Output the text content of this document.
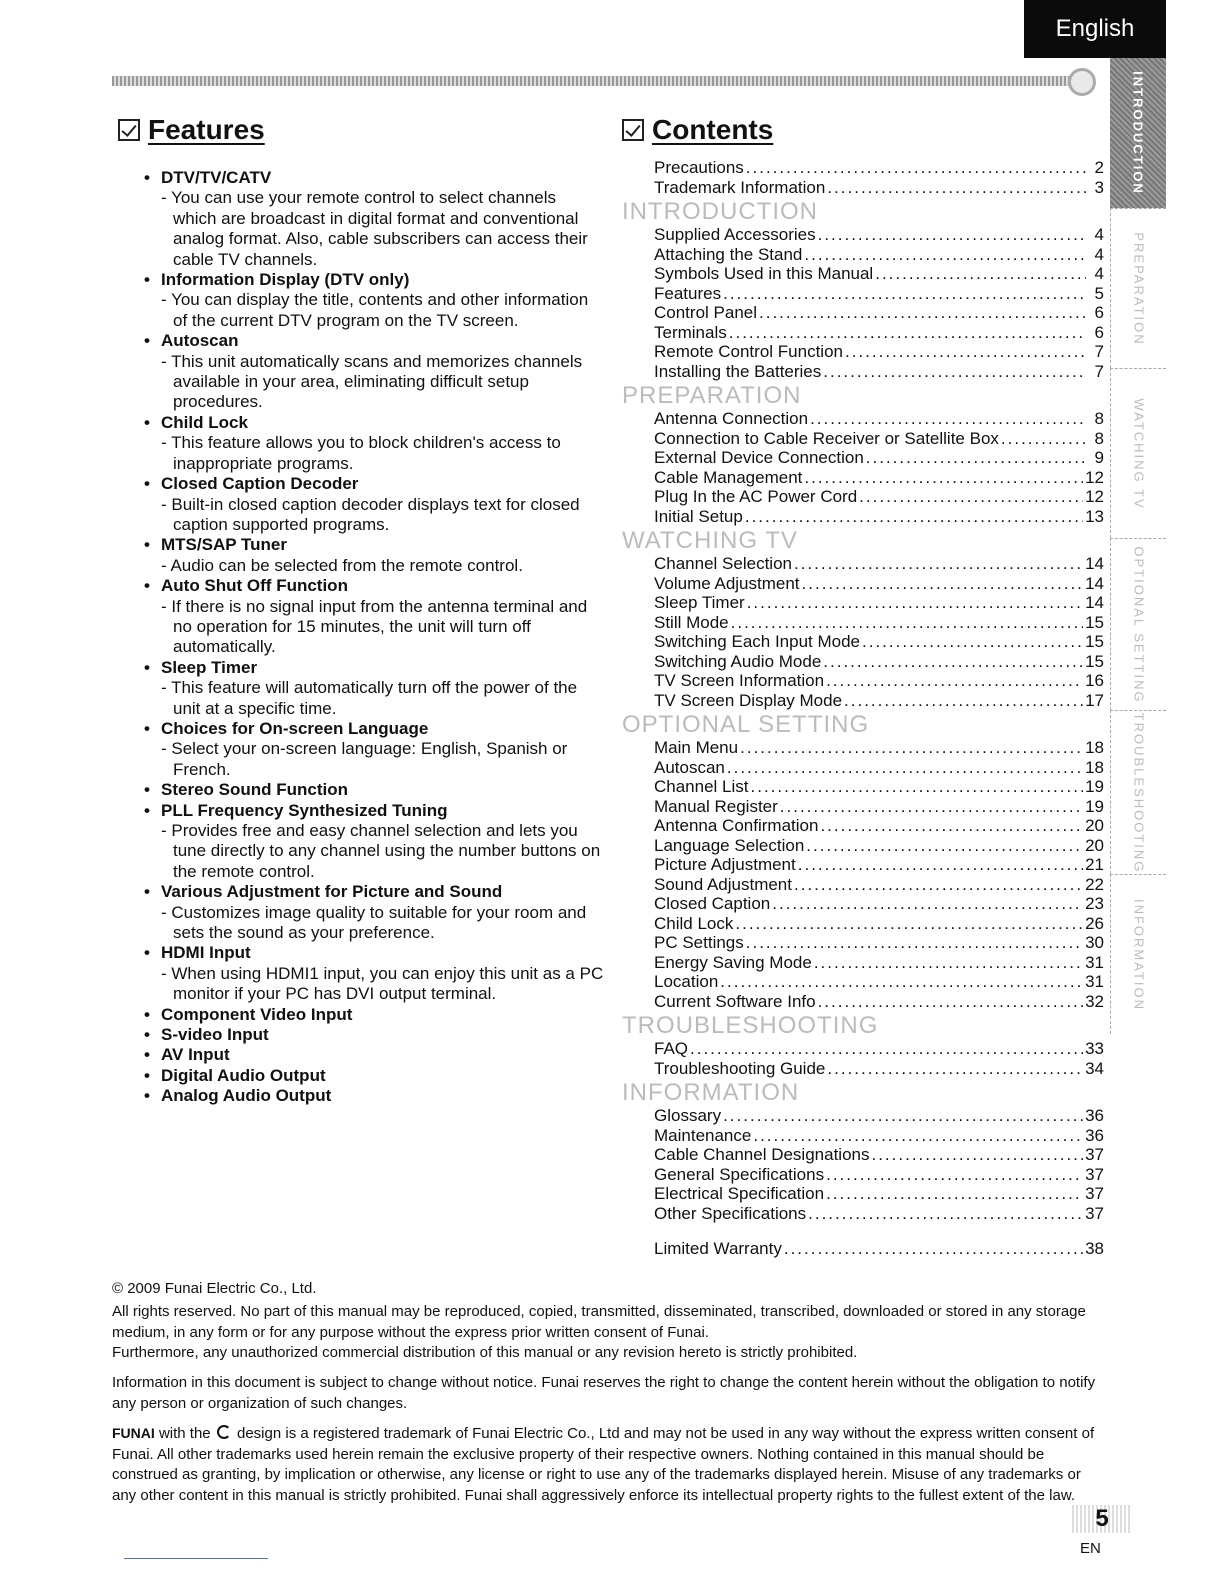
English
INTRODUCTION
PREPARATION
WATCHING TV
OPTIONAL SETTING
TROUBLESHOOTING
INFORMATION
Features
• DTV/TV/CATV
- You can use your remote control to select channels which are broadcast in digital format and conventional analog format. Also, cable subscribers can access their cable TV channels.
• Information Display (DTV only)
- You can display the title, contents and other information of the current DTV program on the TV screen.
• Autoscan
- This unit automatically scans and memorizes channels available in your area, eliminating difficult setup procedures.
• Child Lock
- This feature allows you to block children's access to inappropriate programs.
• Closed Caption Decoder
- Built-in closed caption decoder displays text for closed caption supported programs.
• MTS/SAP Tuner
- Audio can be selected from the remote control.
• Auto Shut Off Function
- If there is no signal input from the antenna terminal and no operation for 15 minutes, the unit will turn off automatically.
• Sleep Timer
- This feature will automatically turn off the power of the unit at a specific time.
• Choices for On-screen Language
- Select your on-screen language: English, Spanish or French.
• Stereo Sound Function
• PLL Frequency Synthesized Tuning
- Provides free and easy channel selection and lets you tune directly to any channel using the number buttons on the remote control.
• Various Adjustment for Picture and Sound
- Customizes image quality to suitable for your room and sets the sound as your preference.
• HDMI Input
- When using HDMI1 input, you can enjoy this unit as a PC monitor if your PC has DVI output terminal.
• Component Video Input
• S-video Input
• AV Input
• Digital Audio Output
• Analog Audio Output
Contents
Precautions .....	2
Trademark Information .....	3
INTRODUCTION
Supplied Accessories .....	4
Attaching the Stand .....	4
Symbols Used in this Manual .....	4
Features .....	5
Control Panel .....	6
Terminals .....	6
Remote Control Function .....	7
Installing the Batteries .....	7
PREPARATION
Antenna Connection .....	8
Connection to Cable Receiver or Satellite Box .....	8
External Device Connection .....	9
Cable Management .....	12
Plug In the AC Power Cord .....	12
Initial Setup .....	13
WATCHING TV
Channel Selection .....	14
Volume Adjustment .....	14
Sleep Timer .....	14
Still Mode .....	15
Switching Each Input Mode .....	15
Switching Audio Mode .....	15
TV Screen Information .....	16
TV Screen Display Mode .....	17
OPTIONAL SETTING
Main Menu .....	18
Autoscan .....	18
Channel List .....	19
Manual Register .....	19
Antenna Confirmation .....	20
Language Selection .....	20
Picture Adjustment .....	21
Sound Adjustment .....	22
Closed Caption .....	23
Child Lock .....	26
PC Settings .....	30
Energy Saving Mode .....	31
Location .....	31
Current Software Info .....	32
TROUBLESHOOTING
FAQ .....	33
Troubleshooting Guide .....	34
INFORMATION
Glossary .....	36
Maintenance .....	36
Cable Channel Designations .....	37
General Specifications .....	37
Electrical Specification .....	37
Other Specifications .....	37
Limited Warranty .....	38
© 2009 Funai Electric Co., Ltd.
All rights reserved. No part of this manual may be reproduced, copied, transmitted, disseminated, transcribed, downloaded or stored in any storage medium, in any form or for any purpose without the express prior written consent of Funai.
Furthermore, any unauthorized commercial distribution of this manual or any revision hereto is strictly prohibited.
Information in this document is subject to change without notice. Funai reserves the right to change the content herein without the obligation to notify any person or organization of such changes.
FUNAI with the design is a registered trademark of Funai Electric Co., Ltd and may not be used in any way without the express written consent of Funai. All other trademarks used herein remain the exclusive property of their respective owners. Nothing contained in this manual should be construed as granting, by implication or otherwise, any license or right to use any of the trademarks displayed herein. Misuse of any trademarks or any other content in this manual is strictly prohibited. Funai shall aggressively enforce its intellectual property rights to the fullest extent of the law.
5
EN
